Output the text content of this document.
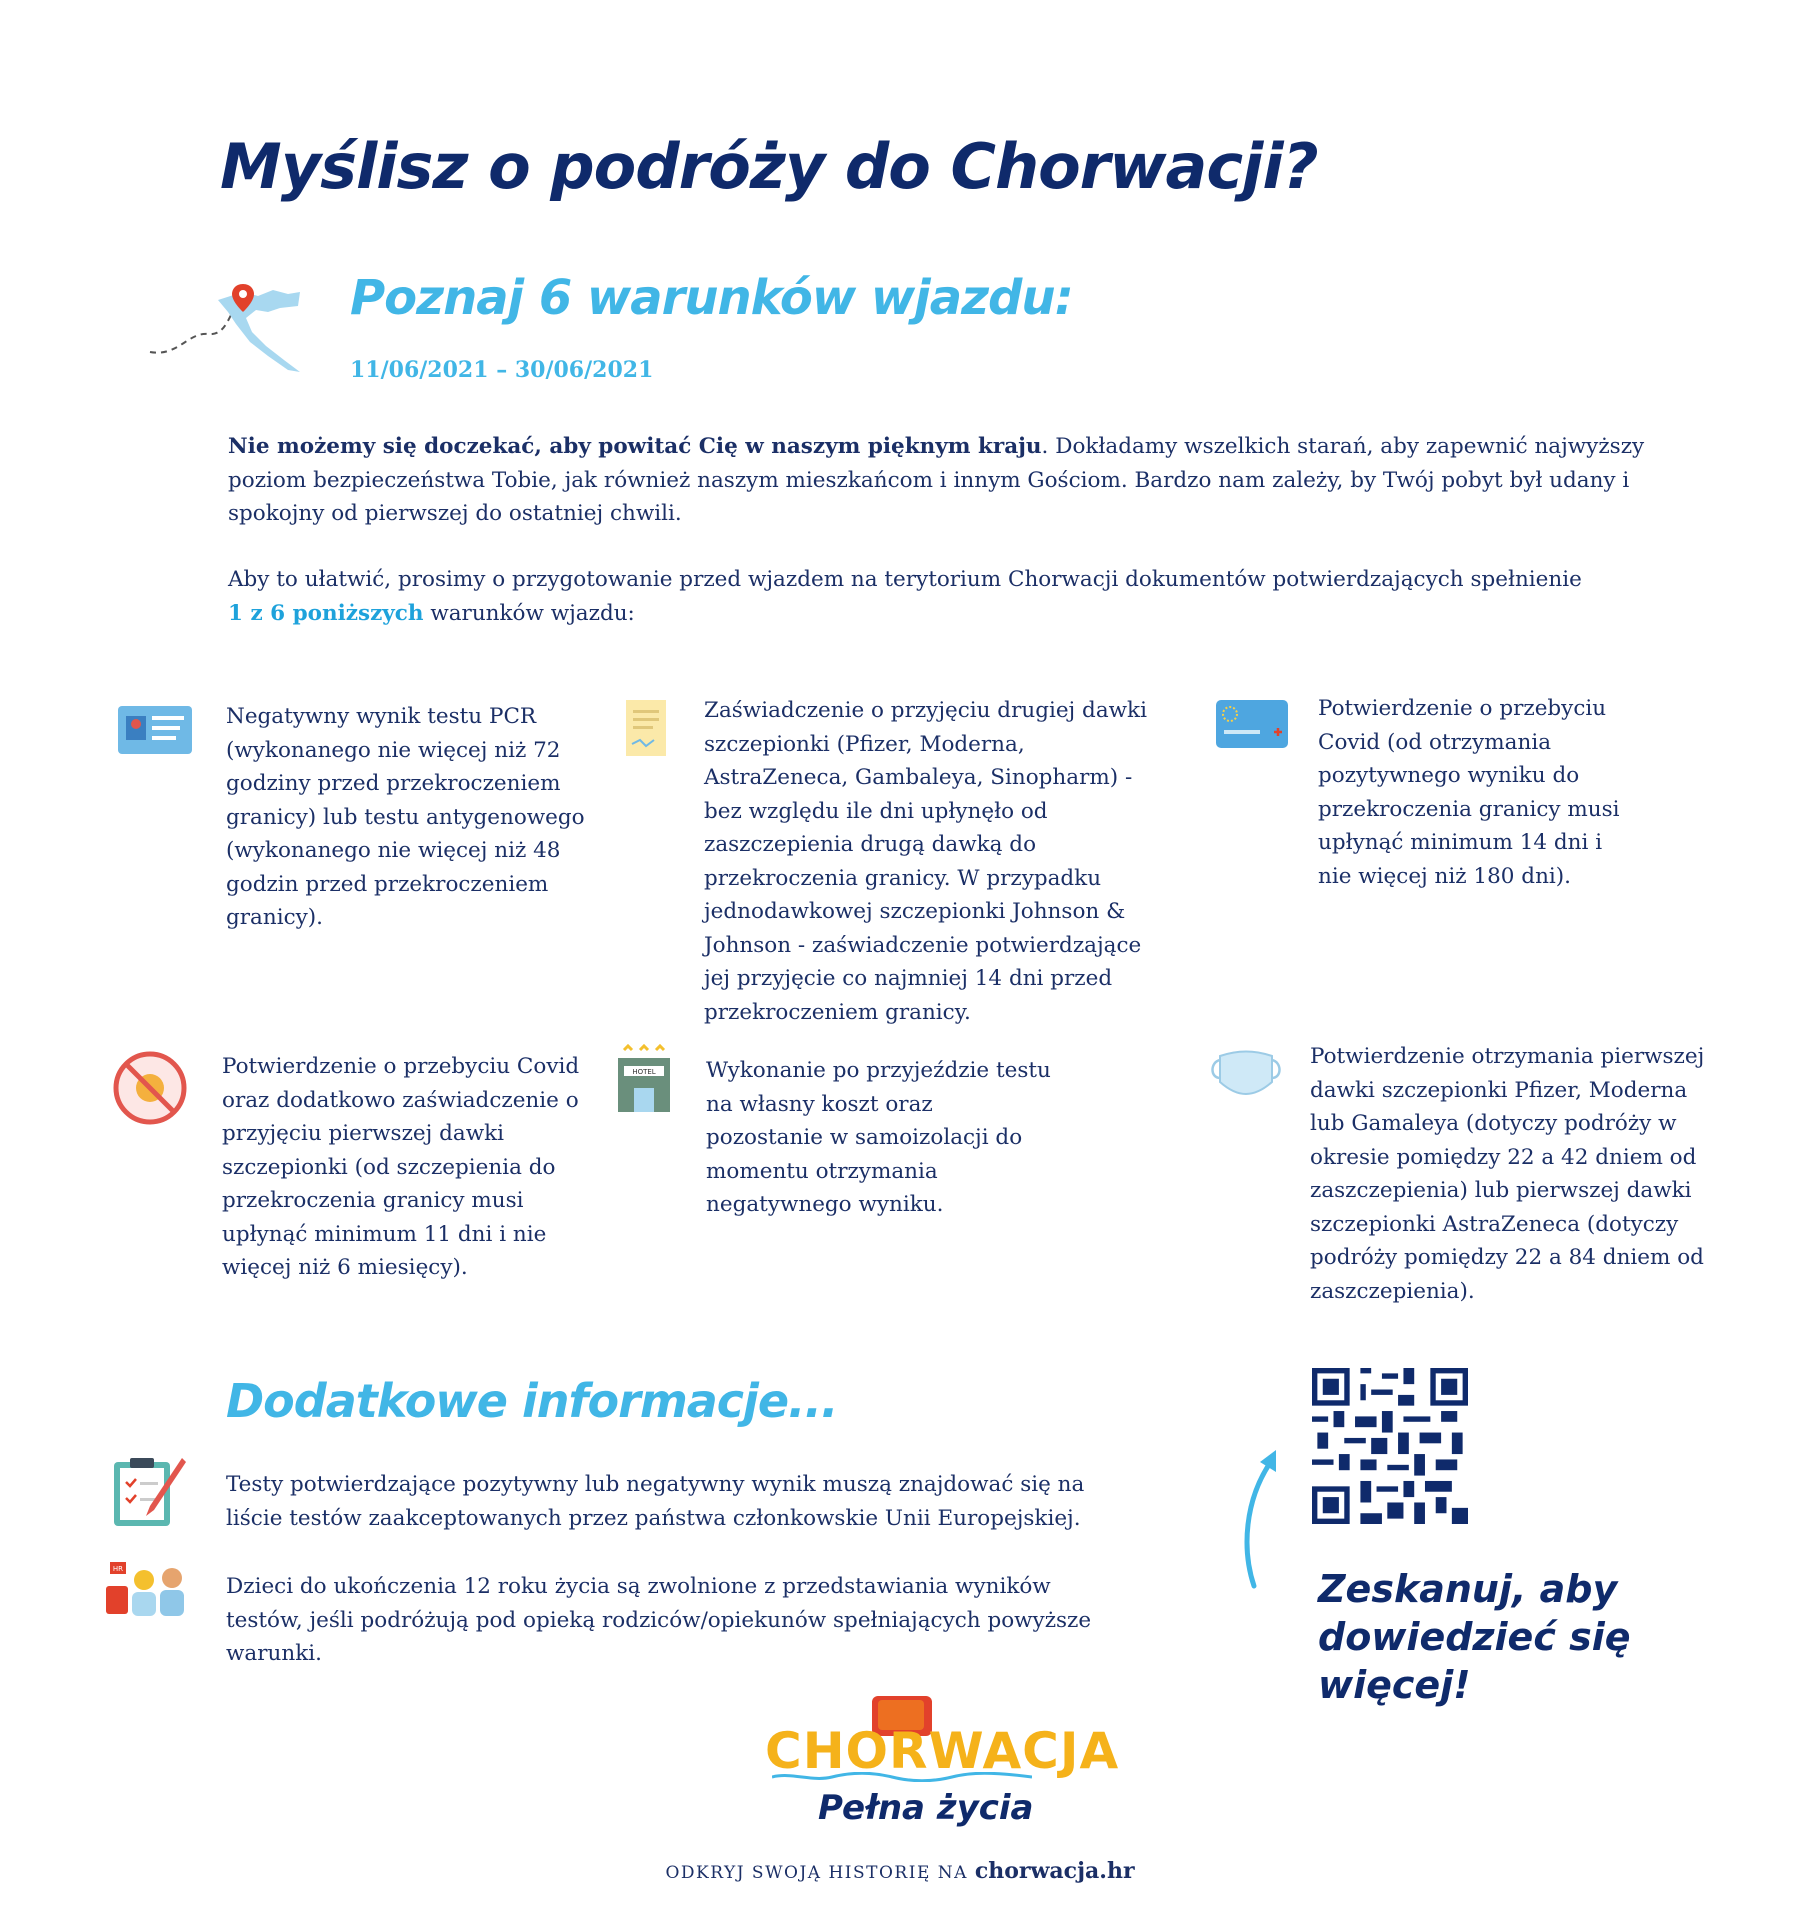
Myślisz o podróży do Chorwacji?
Poznaj 6 warunków wjazdu:
11/06/2021 – 30/06/2021
Nie możemy się doczekać, aby powitać Cię w naszym pięknym kraju. Dokładamy wszelkich starań, aby zapewnić najwyższy poziom bezpieczeństwa Tobie, jak również naszym mieszkańcom i innym Gościom. Bardzo nam zależy, by Twój pobyt był udany i spokojny od pierwszej do ostatniej chwili.
Aby to ułatwić, prosimy o przygotowanie przed wjazdem na terytorium Chorwacji dokumentów potwierdzających spełnienie
1 z 6 poniższych warunków wjazdu:
HOTEL
Negatywny wynik testu PCR (wykonanego nie więcej niż 72 godziny przed przekroczeniem granicy) lub testu antygenowego (wykonanego nie więcej niż 48 godzin przed przekroczeniem granicy).
Zaświadczenie o przyjęciu drugiej dawki szczepionki (Pfizer, Moderna, AstraZeneca, Gambaleya, Sinopharm) - bez względu ile dni upłynęło od zaszczepienia drugą dawką do przekroczenia granicy. W przypadku jednodawkowej szczepionki Johnson & Johnson - zaświadczenie potwierdzające jej przyjęcie co najmniej 14 dni przed przekroczeniem granicy.
Potwierdzenie o przebyciu Covid (od otrzymania pozytywnego wyniku do przekroczenia granicy musi upłynąć minimum 14 dni i nie więcej niż 180 dni).
Potwierdzenie o przebyciu Covid oraz dodatkowo zaświadczenie o przyjęciu pierwszej dawki szczepionki (od szczepienia do przekroczenia granicy musi upłynąć minimum 11 dni i nie więcej niż 6 miesięcy).
Wykonanie po przyjeździe testu na własny koszt oraz pozostanie w samoizolacji do momentu otrzymania negatywnego wyniku.
Potwierdzenie otrzymania pierwszej dawki szczepionki Pfizer, Moderna lub Gamaleya (dotyczy podróży w okresie pomiędzy 22 a 42 dniem od zaszczepienia) lub pierwszej dawki szczepionki AstraZeneca (dotyczy podróży pomiędzy 22 a 84 dniem od zaszczepienia).
Dodatkowe informacje...
HR
Testy potwierdzające pozytywny lub negatywny wynik muszą znajdować się na liście testów zaakceptowanych przez państwa członkowskie Unii Europejskiej.
Dzieci do ukończenia 12 roku życia są zwolnione z przedstawiania wyników testów, jeśli podróżują pod opieką rodziców/opiekunów spełniających powyższe warunki.
Zeskanuj, aby dowiedzieć się więcej!
CHORWACJA
Pełna życia
ODKRYJ SWOJĄ HISTORIĘ NA chorwacja.hr
